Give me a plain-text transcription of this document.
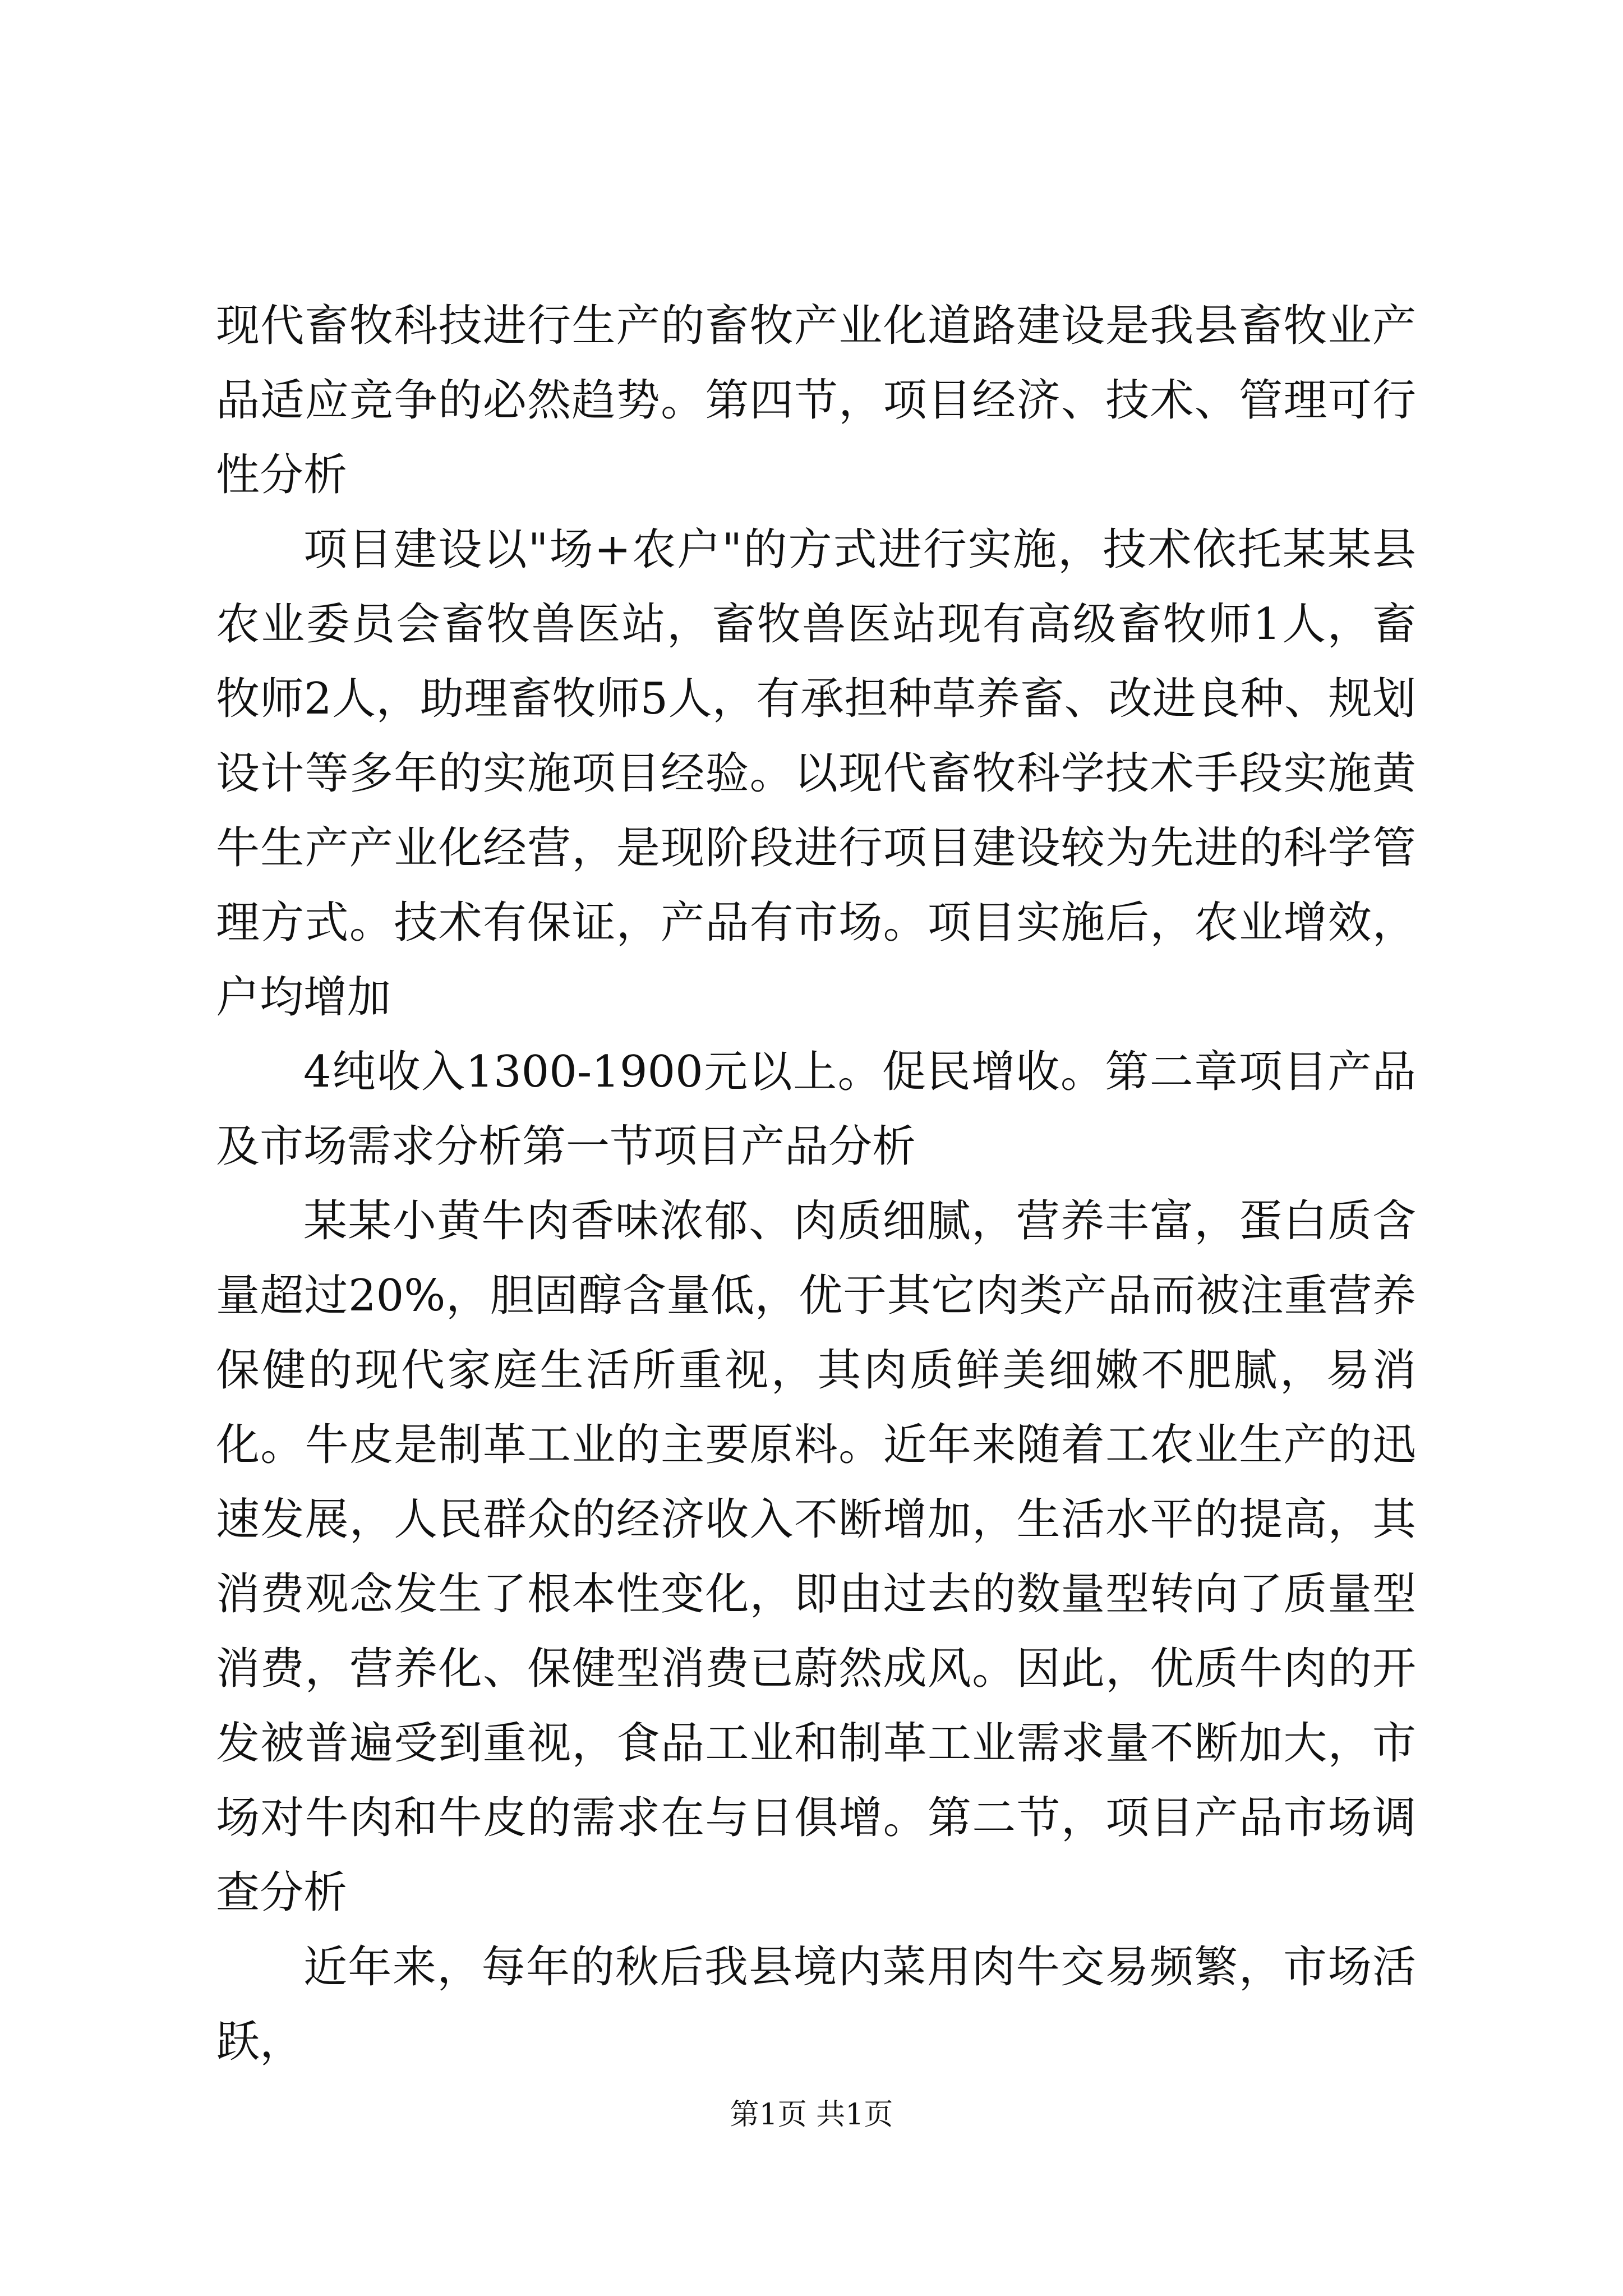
现代畜牧科技进行生产的畜牧产业化道路建设是我县畜牧业产品适应竞争的必然趋势。第四节，项目经济、技术、管理可行性分析

项目建设以"场+农户"的方式进行实施，技术依托某某县农业委员会畜牧兽医站，畜牧兽医站现有高级畜牧师1人，畜牧师2人，助理畜牧师5人，有承担种草养畜、改进良种、规划设计等多年的实施项目经验。以现代畜牧科学技术手段实施黄牛生产产业化经营，是现阶段进行项目建设较为先进的科学管理方式。技术有保证，产品有市场。项目实施后，农业增效，户均增加

4纯收入1300-1900元以上。促民增收。第二章项目产品及市场需求分析第一节项目产品分析

某某小黄牛肉香味浓郁、肉质细腻，营养丰富，蛋白质含量超过20%，胆固醇含量低，优于其它肉类产品而被注重营养保健的现代家庭生活所重视，其肉质鲜美细嫩不肥腻，易消化。牛皮是制革工业的主要原料。近年来随着工农业生产的迅速发展，人民群众的经济收入不断增加，生活水平的提高，其消费观念发生了根本性变化，即由过去的数量型转向了质量型消费，营养化、保健型消费已蔚然成风。因此，优质牛肉的开发被普遍受到重视，食品工业和制革工业需求量不断加大，市场对牛肉和牛皮的需求在与日俱增。第二节，项目产品市场调查分析

近年来，每年的秋后我县境内菜用肉牛交易频繁，市场活跃，

第1页 共1页
